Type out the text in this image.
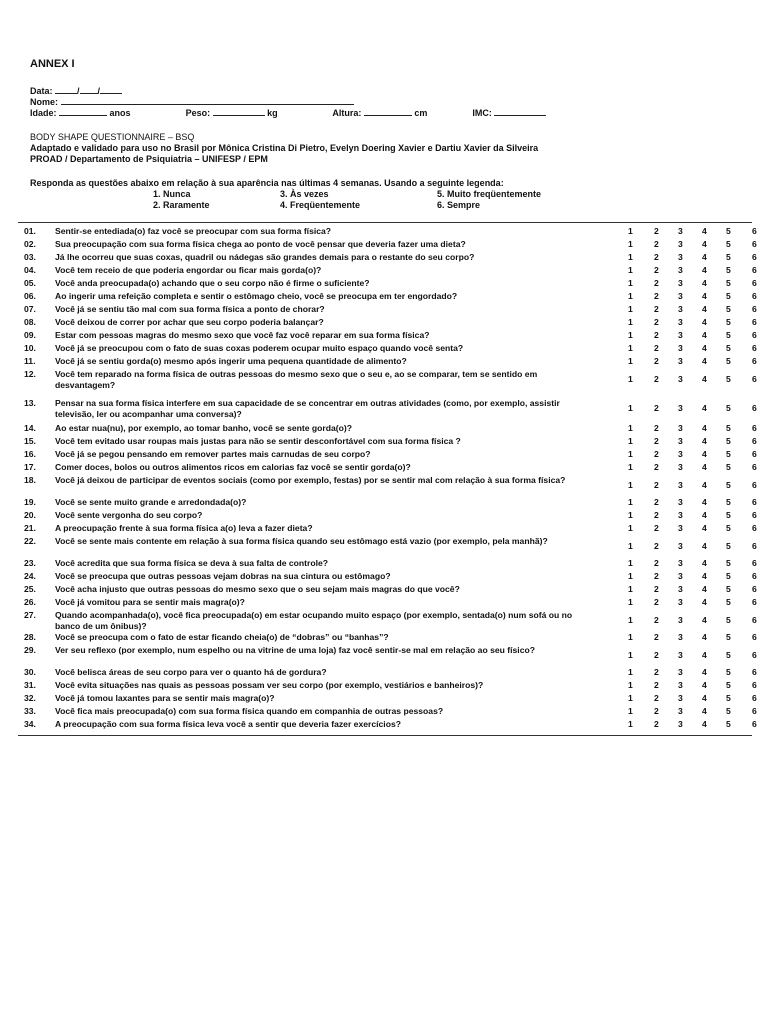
ANNEX I
Data:	/ /
Nome:
Idade:	anos	Peso:	kg	Altura:	cm	IMC:
BODY SHAPE QUESTIONNAIRE – BSQ
Adaptado e validado para uso no Brasil por Mônica Cristina Di Pietro, Evelyn Doering Xavier e Dartiu Xavier da Silveira
PROAD / Departamento de Psiquiatria – UNIFESP / EPM
Responda as questões abaixo em relação à sua aparência nas últimas 4 semanas. Usando a seguinte legenda:
1. Nunca
2. Raramente
3. Às vezes
4. Freqüentemente
5. Muito freqüentemente
6. Sempre
01. Sentir-se entediada(o) faz você se preocupar com sua forma física?	1 2 3 4 5 6
02. Sua preocupação com sua forma física chega ao ponto de você pensar que deveria fazer uma dieta?	1 2 3 4 5 6
03. Já lhe ocorreu que suas coxas, quadril ou nádegas são grandes demais para o restante do seu corpo?	1 2 3 4 5 6
04. Você tem receio de que poderia engordar ou ficar mais gorda(o)?	1 2 3 4 5 6
05. Você anda preocupada(o) achando que o seu corpo não é firme o suficiente?	1 2 3 4 5 6
06. Ao ingerir uma refeição completa e sentir o estômago cheio, você se preocupa em ter engordado?	1 2 3 4 5 6
07. Você já se sentiu tão mal com sua forma física a ponto de chorar?	1 2 3 4 5 6
08. Você deixou de correr por achar que seu corpo poderia balançar?	1 2 3 4 5 6
09. Estar com pessoas magras do mesmo sexo que você faz você reparar em sua forma física?	1 2 3 4 5 6
10. Você já se preocupou com o fato de suas coxas poderem ocupar muito espaço quando você senta?	1 2 3 4 5 6
11. Você já se sentiu gorda(o) mesmo após ingerir uma pequena quantidade de alimento?	1 2 3 4 5 6
12. Você tem reparado na forma física de outras pessoas do mesmo sexo que o seu e, ao se comparar, tem se sentido em desvantagem?
1 2 3 4 5 6
13. Pensar na sua forma física interfere em sua capacidade de se concentrar em outras atividades (como, por exemplo, assistir televisão, ler ou acompanhar uma conversa)?
1 2 3 4 5 6
14. Ao estar nua(nu), por exemplo, ao tomar banho, você se sente gorda(o)?	1 2 3 4 5 6
15. Você tem evitado usar roupas mais justas para não se sentir desconfortável com sua forma física ?	1 2 3 4 5 6
16. Você já se pegou pensando em remover partes mais carnudas de seu corpo?	1 2 3 4 5 6
17. Comer doces, bolos ou outros alimentos ricos em calorias faz você se sentir gorda(o)?	1 2 3 4 5 6
18. Você já deixou de participar de eventos sociais (como por exemplo, festas) por se sentir mal com relação à sua forma física?	1 2 3 4 5 6
19. Você se sente muito grande e arredondada(o)?	1 2 3 4 5 6
20. Você sente vergonha do seu corpo?	1 2 3 4 5 6
21. A preocupação frente à sua forma física a(o) leva a fazer dieta?	1 2 3 4 5 6
22. Você se sente mais contente em relação à sua forma física quando seu estômago está vazio (por exemplo, pela manhã)?	1 2 3 4 5 6
23. Você acredita que sua forma física se deva à sua falta de controle?	1 2 3 4 5 6
24. Você se preocupa que outras pessoas vejam dobras na sua cintura ou estômago?	1 2 3 4 5 6
25. Você acha injusto que outras pessoas do mesmo sexo que o seu sejam mais magras do que você?	1 2 3 4 5 6
26. Você já vomitou para se sentir mais magra(o)?	1 2 3 4 5 6
27. Quando acompanhada(o), você fica preocupada(o) em estar ocupando muito espaço (por exemplo, sentada(o) num sofá ou no banco de um ônibus)?
1 2 3 4 5 6
28. Você se preocupa com o fato de estar ficando cheia(o) de “dobras” ou “banhas”?	1 2 3 4 5 6
29. Ver seu reflexo (por exemplo, num espelho ou na vitrine de uma loja) faz você sentir-se mal em relação ao seu físico?	1 2 3 4 5 6
30. Você belisca áreas de seu corpo para ver o quanto há de gordura?	1 2 3 4 5 6
31. Você evita situações nas quais as pessoas possam ver seu corpo (por exemplo, vestiários e banheiros)?	1 2 3 4 5 6
32. Você já tomou laxantes para se sentir mais magra(o)?	1 2 3 4 5 6
33. Você fica mais preocupada(o) com sua forma física quando em companhia de outras pessoas?	1 2 3 4 5 6
34. A preocupação com sua forma física leva você a sentir que deveria fazer exercícios?	1 2 3 4 5 6
